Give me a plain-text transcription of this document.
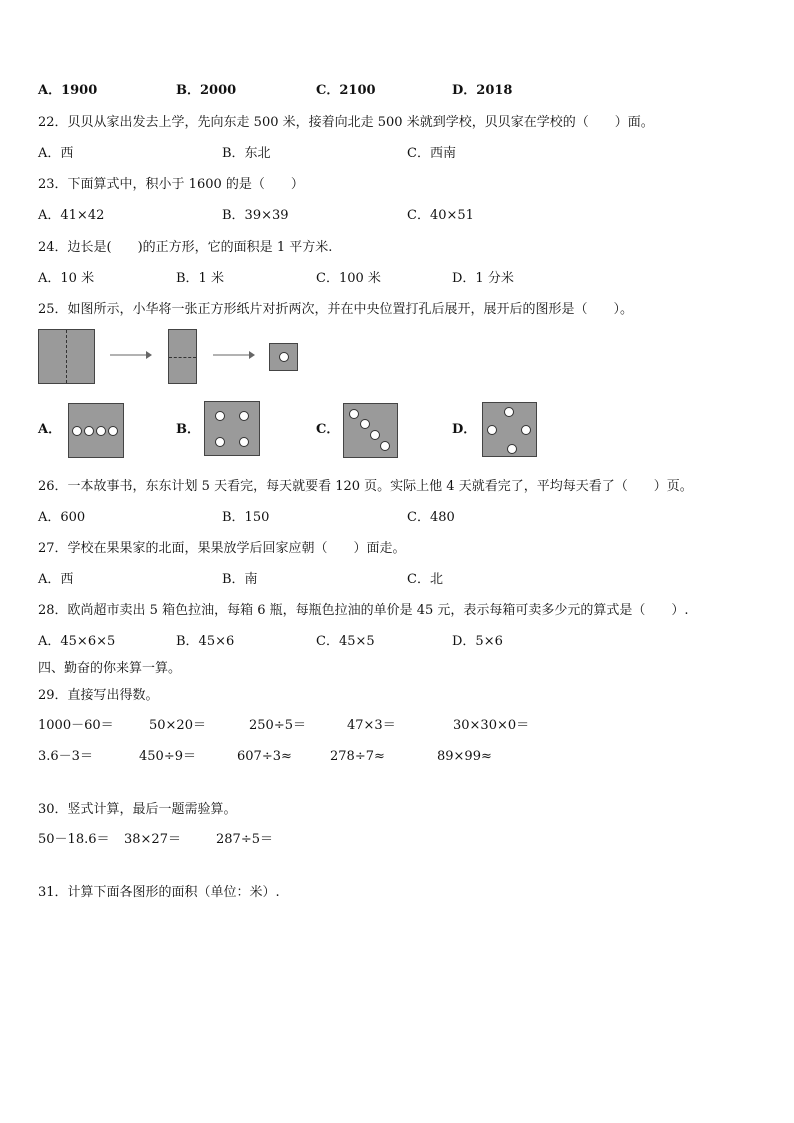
A．1900	B．2000	C．2100	D．2018
22．贝贝从家出发去上学，先向东走 500 米，接着向北走 500 米就到学校，贝贝家在学校的（　　）面。
A．西	B．东北	C．西南
23．下面算式中，积小于 1600 的是（　　）
A．41×42	B．39×39	C．40×51
24．边长是(　　)的正方形，它的面积是 1 平方米.
A．10 米	B．1 米	C．100 米	D．1 分米
25．如图所示，小华将一张正方形纸片对折两次，并在中央位置打孔后展开，展开后的图形是（　　）。
A．	B．	C．	D．
26．一本故事书，东东计划 5 天看完，每天就要看 120 页。实际上他 4 天就看完了，平均每天看了（　　）页。
A．600	B．150	C．480
27．学校在果果家的北面，果果放学后回家应朝（　　）面走。
A．西	B．南	C．北
28．欧尚超市卖出 5 箱色拉油，每箱 6 瓶，每瓶色拉油的单价是 45 元，表示每箱可卖多少元的算式是（　　）.
A．45×6×5	B．45×6	C．45×5	D．5×6
四、勤奋的你来算一算。
29．直接写出得数。
1000－60＝	50×20＝	250÷5＝	47×3＝	30×30×0＝
3.6－3＝	450÷9＝	607÷3≈	278÷7≈	89×99≈
30．竖式计算，最后一题需验算。
50－18.6＝ 38×27＝	287÷5＝
31．计算下面各图形的面积（单位：米）.
